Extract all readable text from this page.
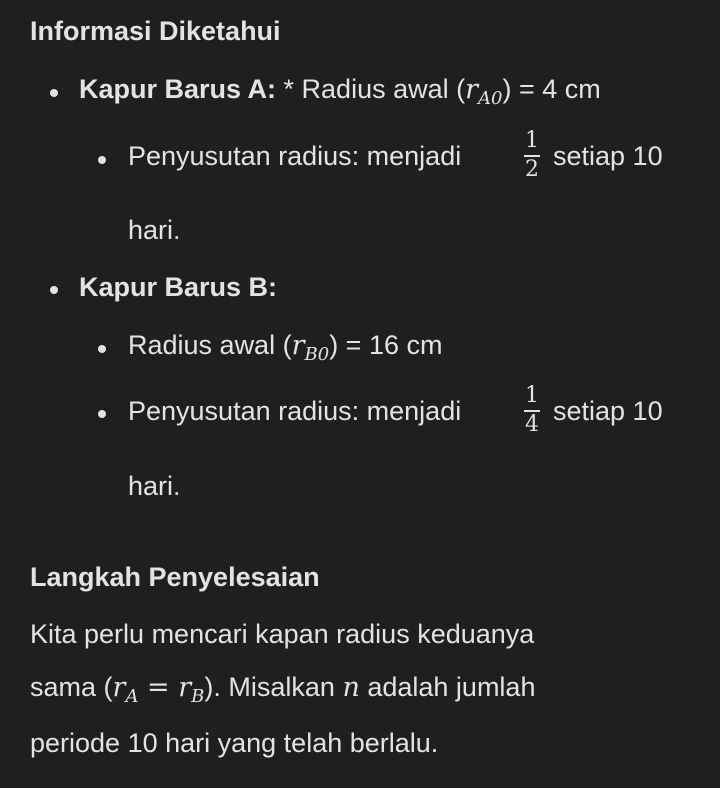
Informasi Diketahui
Kapur Barus A: * Radius awal $(r_{A0}) = 4$ cm
Penyusutan radius: menjadi
1
2 setiap 10
hari.
Kapur Barus B:
Radius awal $(r_{B0}) = 16$ cm
Penyusutan radius: menjadi
1
4 setiap 10
hari.
Langkah Penyelesaian
Kita perlu mencari kapan radius keduanya
sama $(r_A = r_B)$. Misalkan n adalah jumlah
periode 10 hari yang telah berlalu.
